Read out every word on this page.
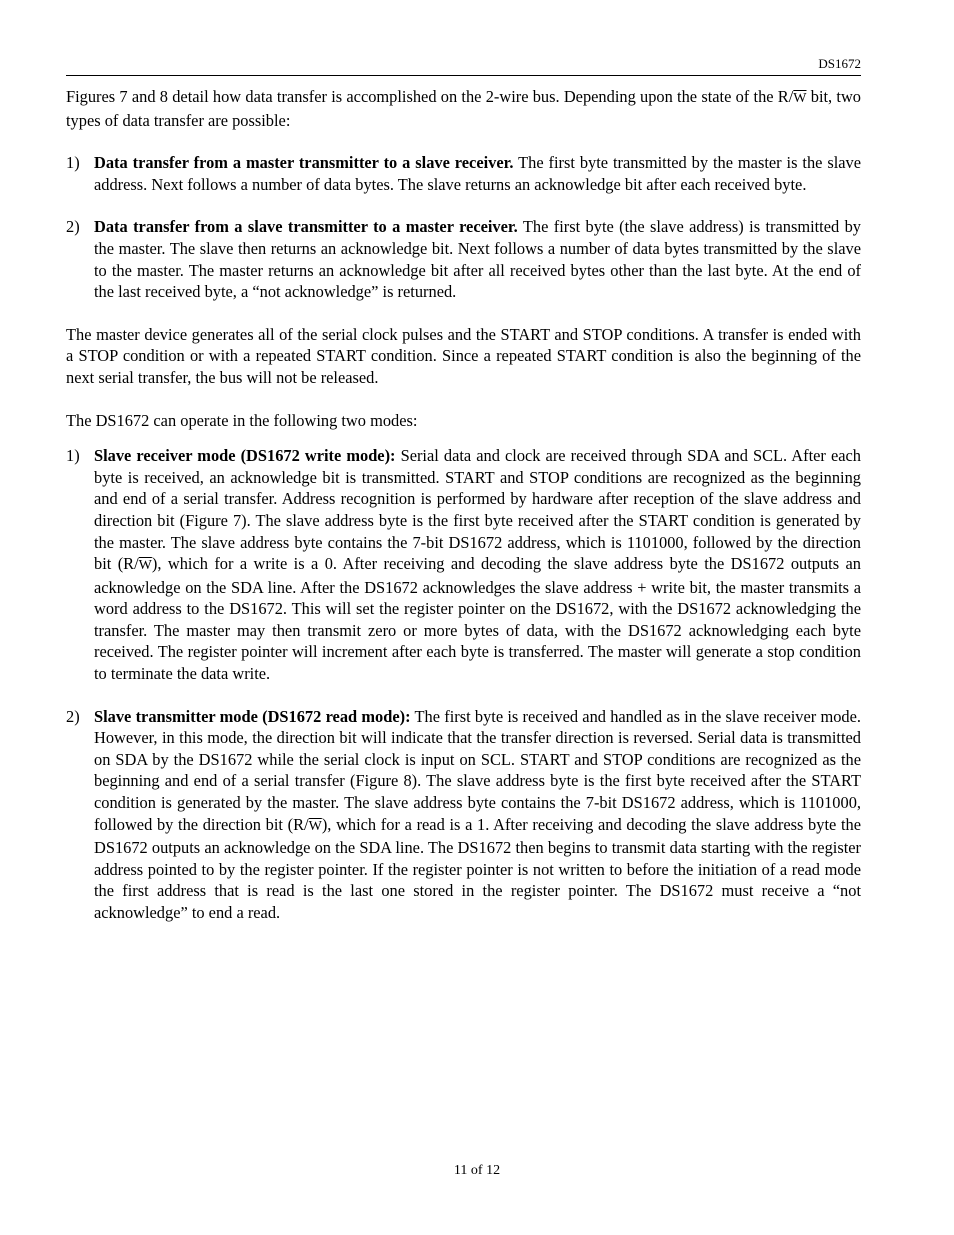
DS1672

Figures 7 and 8 detail how data transfer is accomplished on the 2-wire bus. Depending upon the state of the $R/\overline{W}$ bit, two types of data transfer are possible:

1) Data transfer from a master transmitter to a slave receiver. The first byte transmitted by the master is the slave address. Next follows a number of data bytes. The slave returns an acknowledge bit after each received byte.

2) Data transfer from a slave transmitter to a master receiver. The first byte (the slave address) is transmitted by the master. The slave then returns an acknowledge bit. Next follows a number of data bytes transmitted by the slave to the master. The master returns an acknowledge bit after all received bytes other than the last byte. At the end of the last received byte, a “not acknowledge” is returned.

The master device generates all of the serial clock pulses and the START and STOP conditions. A transfer is ended with a STOP condition or with a repeated START condition. Since a repeated START condition is also the beginning of the next serial transfer, the bus will not be released.

The DS1672 can operate in the following two modes:

1) Slave receiver mode (DS1672 write mode): Serial data and clock are received through SDA and SCL. After each byte is received, an acknowledge bit is transmitted. START and STOP conditions are recognized as the beginning and end of a serial transfer. Address recognition is performed by hardware after reception of the slave address and direction bit (Figure 7). The slave address byte is the first byte received after the START condition is generated by the master. The slave address byte contains the 7-bit DS1672 address, which is 1101000, followed by the direction bit $(R/\overline{W})$, which for a write is a 0. After receiving and decoding the slave address byte the DS1672 outputs an acknowledge on the SDA line. After the DS1672 acknowledges the slave address + write bit, the master transmits a word address to the DS1672. This will set the register pointer on the DS1672, with the DS1672 acknowledging the transfer. The master may then transmit zero or more bytes of data, with the DS1672 acknowledging each byte received. The register pointer will increment after each byte is transferred. The master will generate a stop condition to terminate the data write.

2) Slave transmitter mode (DS1672 read mode): The first byte is received and handled as in the slave receiver mode. However, in this mode, the direction bit will indicate that the transfer direction is reversed. Serial data is transmitted on SDA by the DS1672 while the serial clock is input on SCL. START and STOP conditions are recognized as the beginning and end of a serial transfer (Figure 8). The slave address byte is the first byte received after the START condition is generated by the master. The slave address byte contains the 7-bit DS1672 address, which is 1101000, followed by the direction bit $(R/\overline{W})$, which for a read is a 1. After receiving and decoding the slave address byte the DS1672 outputs an acknowledge on the SDA line. The DS1672 then begins to transmit data starting with the register address pointed to by the register pointer. If the register pointer is not written to before the initiation of a read mode the first address that is read is the last one stored in the register pointer. The DS1672 must receive a “not acknowledge” to end a read.

11 of 12
